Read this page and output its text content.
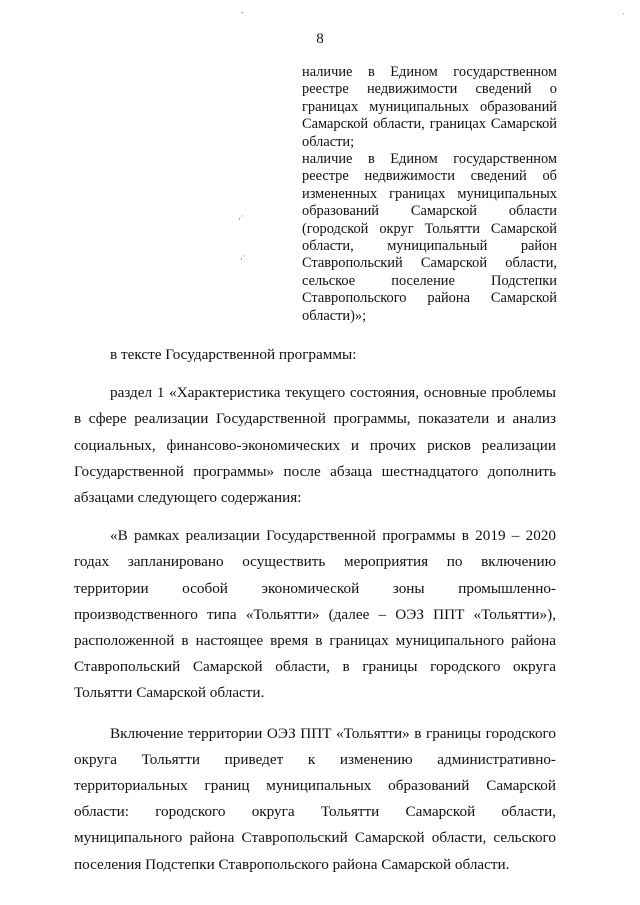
8
ˇ	·
,·
,·

наличие в Едином государственном реестре недвижимости сведений о границах муниципальных образований Самарской области, границах Самарской области;

наличие в Едином государственном реестре недвижимости сведений об измененных границах муниципальных образований Самарской области (городской округ Тольятти Самарской области, муниципальный район Ставропольский Самарской области, сельское поселение Подстепки Ставропольского района Самарской области)»;

в тексте Государственной программы:

раздел 1 «Характеристика текущего состояния, основные проблемы в сфере реализации Государственной программы, показатели и анализ социальных, финансово-экономических и прочих рисков реализации Государственной программы» после абзаца шестнадцатого дополнить абзацами следующего содержания:

«В рамках реализации Государственной программы в 2019 – 2020 годах запланировано осуществить мероприятия по включению территории особой экономической зоны промышленно-производственного типа «Тольятти» (далее – ОЭЗ ППТ «Тольятти»), расположенной в настоящее время в границах муниципального района Ставропольский Самарской области, в границы городского округа Тольятти Самарской области.

Включение территории ОЭЗ ППТ «Тольятти» в границы городского округа Тольятти приведет к изменению административно-территориальных границ муниципальных образований Самарской области: городского округа Тольятти Самарской области, муниципального района Ставропольский Самарской области, сельского поселения Подстепки Ставропольского района Самарской области.
